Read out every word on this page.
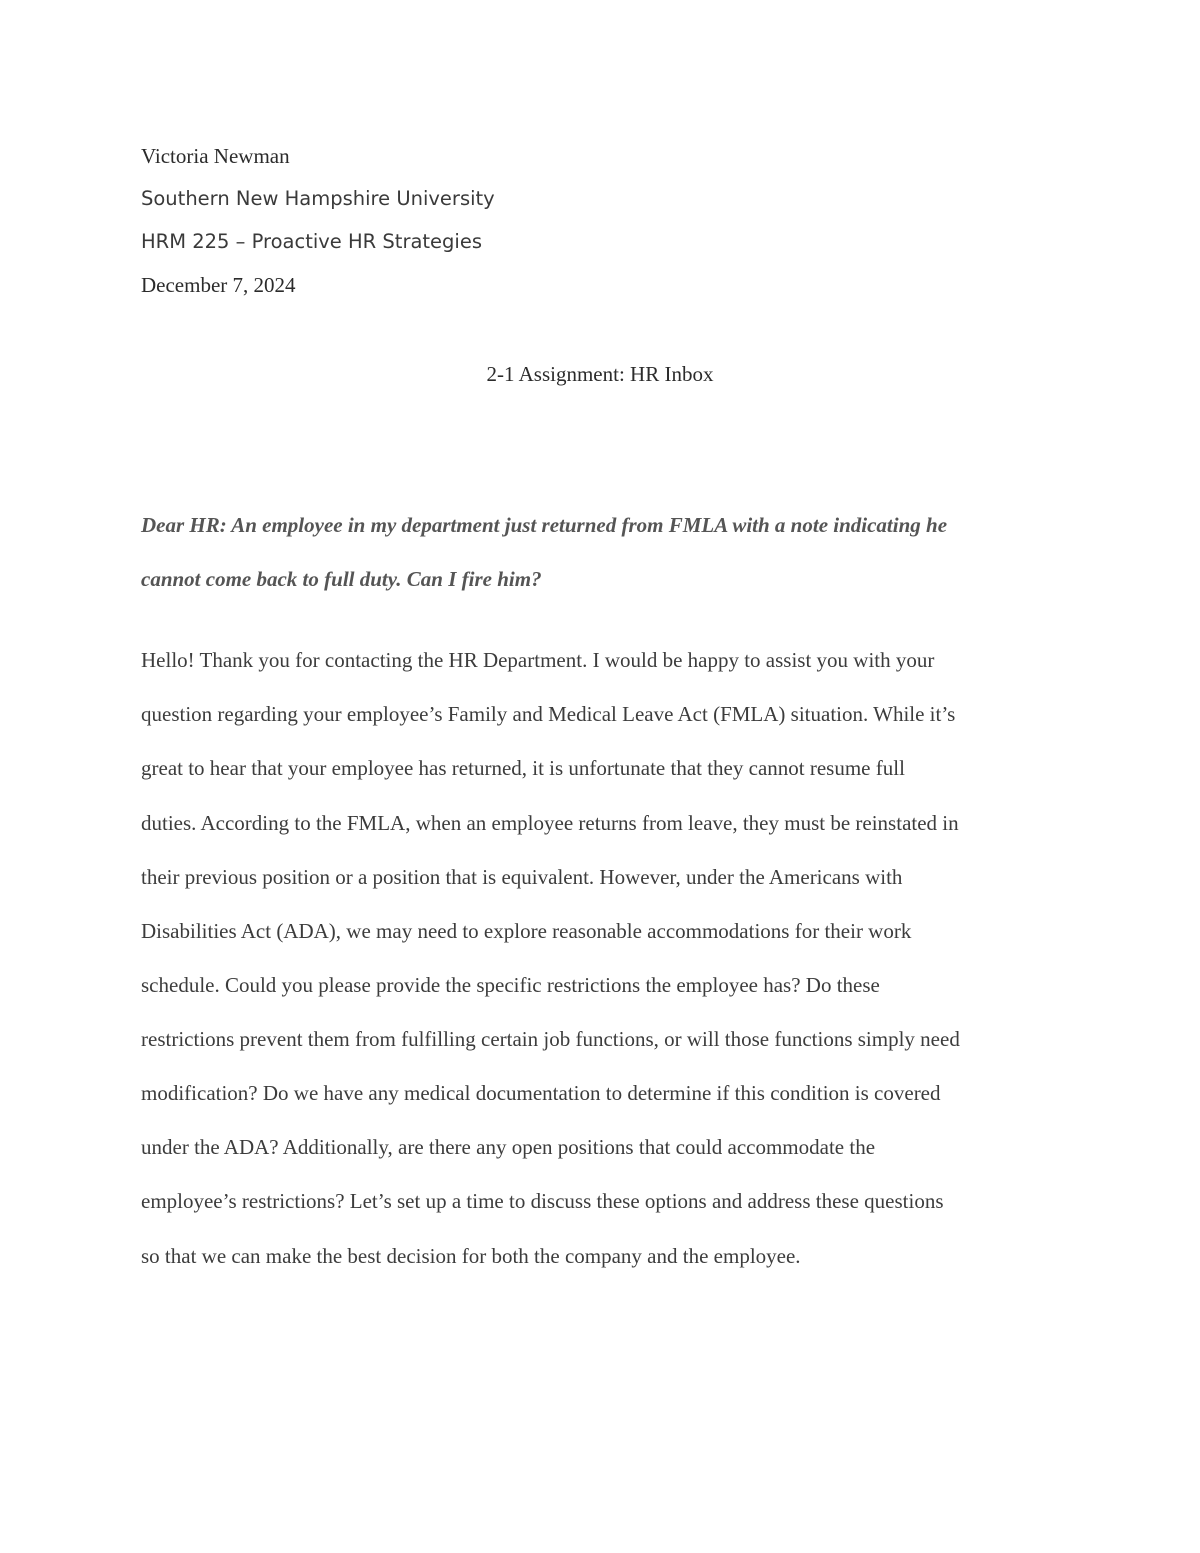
Victoria Newman
Southern New Hampshire University
HRM 225 – Proactive HR Strategies
December 7, 2024
2-1 Assignment: HR Inbox
Dear HR: An employee in my department just returned from FMLA with a note indicating he
cannot come back to full duty. Can I fire him?
Hello! Thank you for contacting the HR Department. I would be happy to assist you with your
question regarding your employee’s Family and Medical Leave Act (FMLA) situation. While it’s
great to hear that your employee has returned, it is unfortunate that they cannot resume full
duties. According to the FMLA, when an employee returns from leave, they must be reinstated in
their previous position or a position that is equivalent. However, under the Americans with
Disabilities Act (ADA), we may need to explore reasonable accommodations for their work
schedule. Could you please provide the specific restrictions the employee has? Do these
restrictions prevent them from fulfilling certain job functions, or will those functions simply need
modification? Do we have any medical documentation to determine if this condition is covered
under the ADA? Additionally, are there any open positions that could accommodate the
employee’s restrictions? Let’s set up a time to discuss these options and address these questions
so that we can make the best decision for both the company and the employee.
